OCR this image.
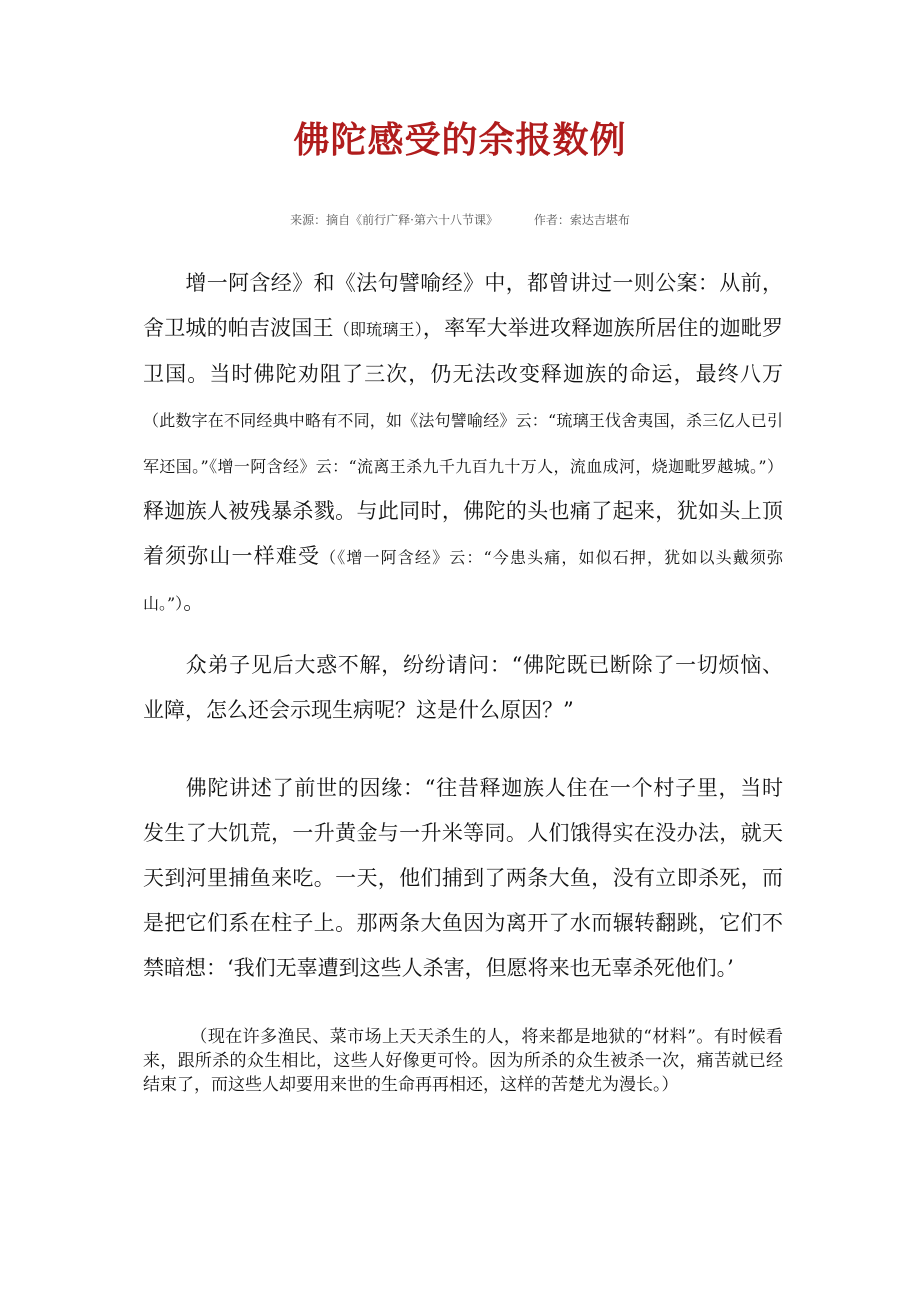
佛陀感受的余报数例
来源：摘自《前行广释·第六十八节课》	作者：索达吉堪布

增一阿含经》和《法句譬喻经》中，都曾讲过一则公案：从前，舍卫城的帕吉波国王（即琉璃王），率军大举进攻释迦族所居住的迦毗罗卫国。当时佛陀劝阻了三次，仍无法改变释迦族的命运，最终八万（此数字在不同经典中略有不同，如《法句譬喻经》云：“琉璃王伐舍夷国，杀三亿人已引军还国。”《增一阿含经》云：“流离王杀九千九百九十万人，流血成河，烧迦毗罗越城。”）释迦族人被残暴杀戮。与此同时，佛陀的头也痛了起来，犹如头上顶着须弥山一样难受（《增一阿含经》云：“今患头痛，如似石押，犹如以头戴须弥山。”）。

众弟子见后大惑不解，纷纷请问：“佛陀既已断除了一切烦恼、业障，怎么还会示现生病呢？这是什么原因？”

佛陀讲述了前世的因缘：“往昔释迦族人住在一个村子里，当时发生了大饥荒，一升黄金与一升米等同。人们饿得实在没办法，就天天到河里捕鱼来吃。一天，他们捕到了两条大鱼，没有立即杀死，而是把它们系在柱子上。那两条大鱼因为离开了水而辗转翻跳，它们不禁暗想：‘我们无辜遭到这些人杀害，但愿将来也无辜杀死他们。’

（现在许多渔民、菜市场上天天杀生的人，将来都是地狱的“材料”。有时候看来，跟所杀的众生相比，这些人好像更可怜。因为所杀的众生被杀一次，痛苦就已经结束了，而这些人却要用来世的生命再再相还，这样的苦楚尤为漫长。）
